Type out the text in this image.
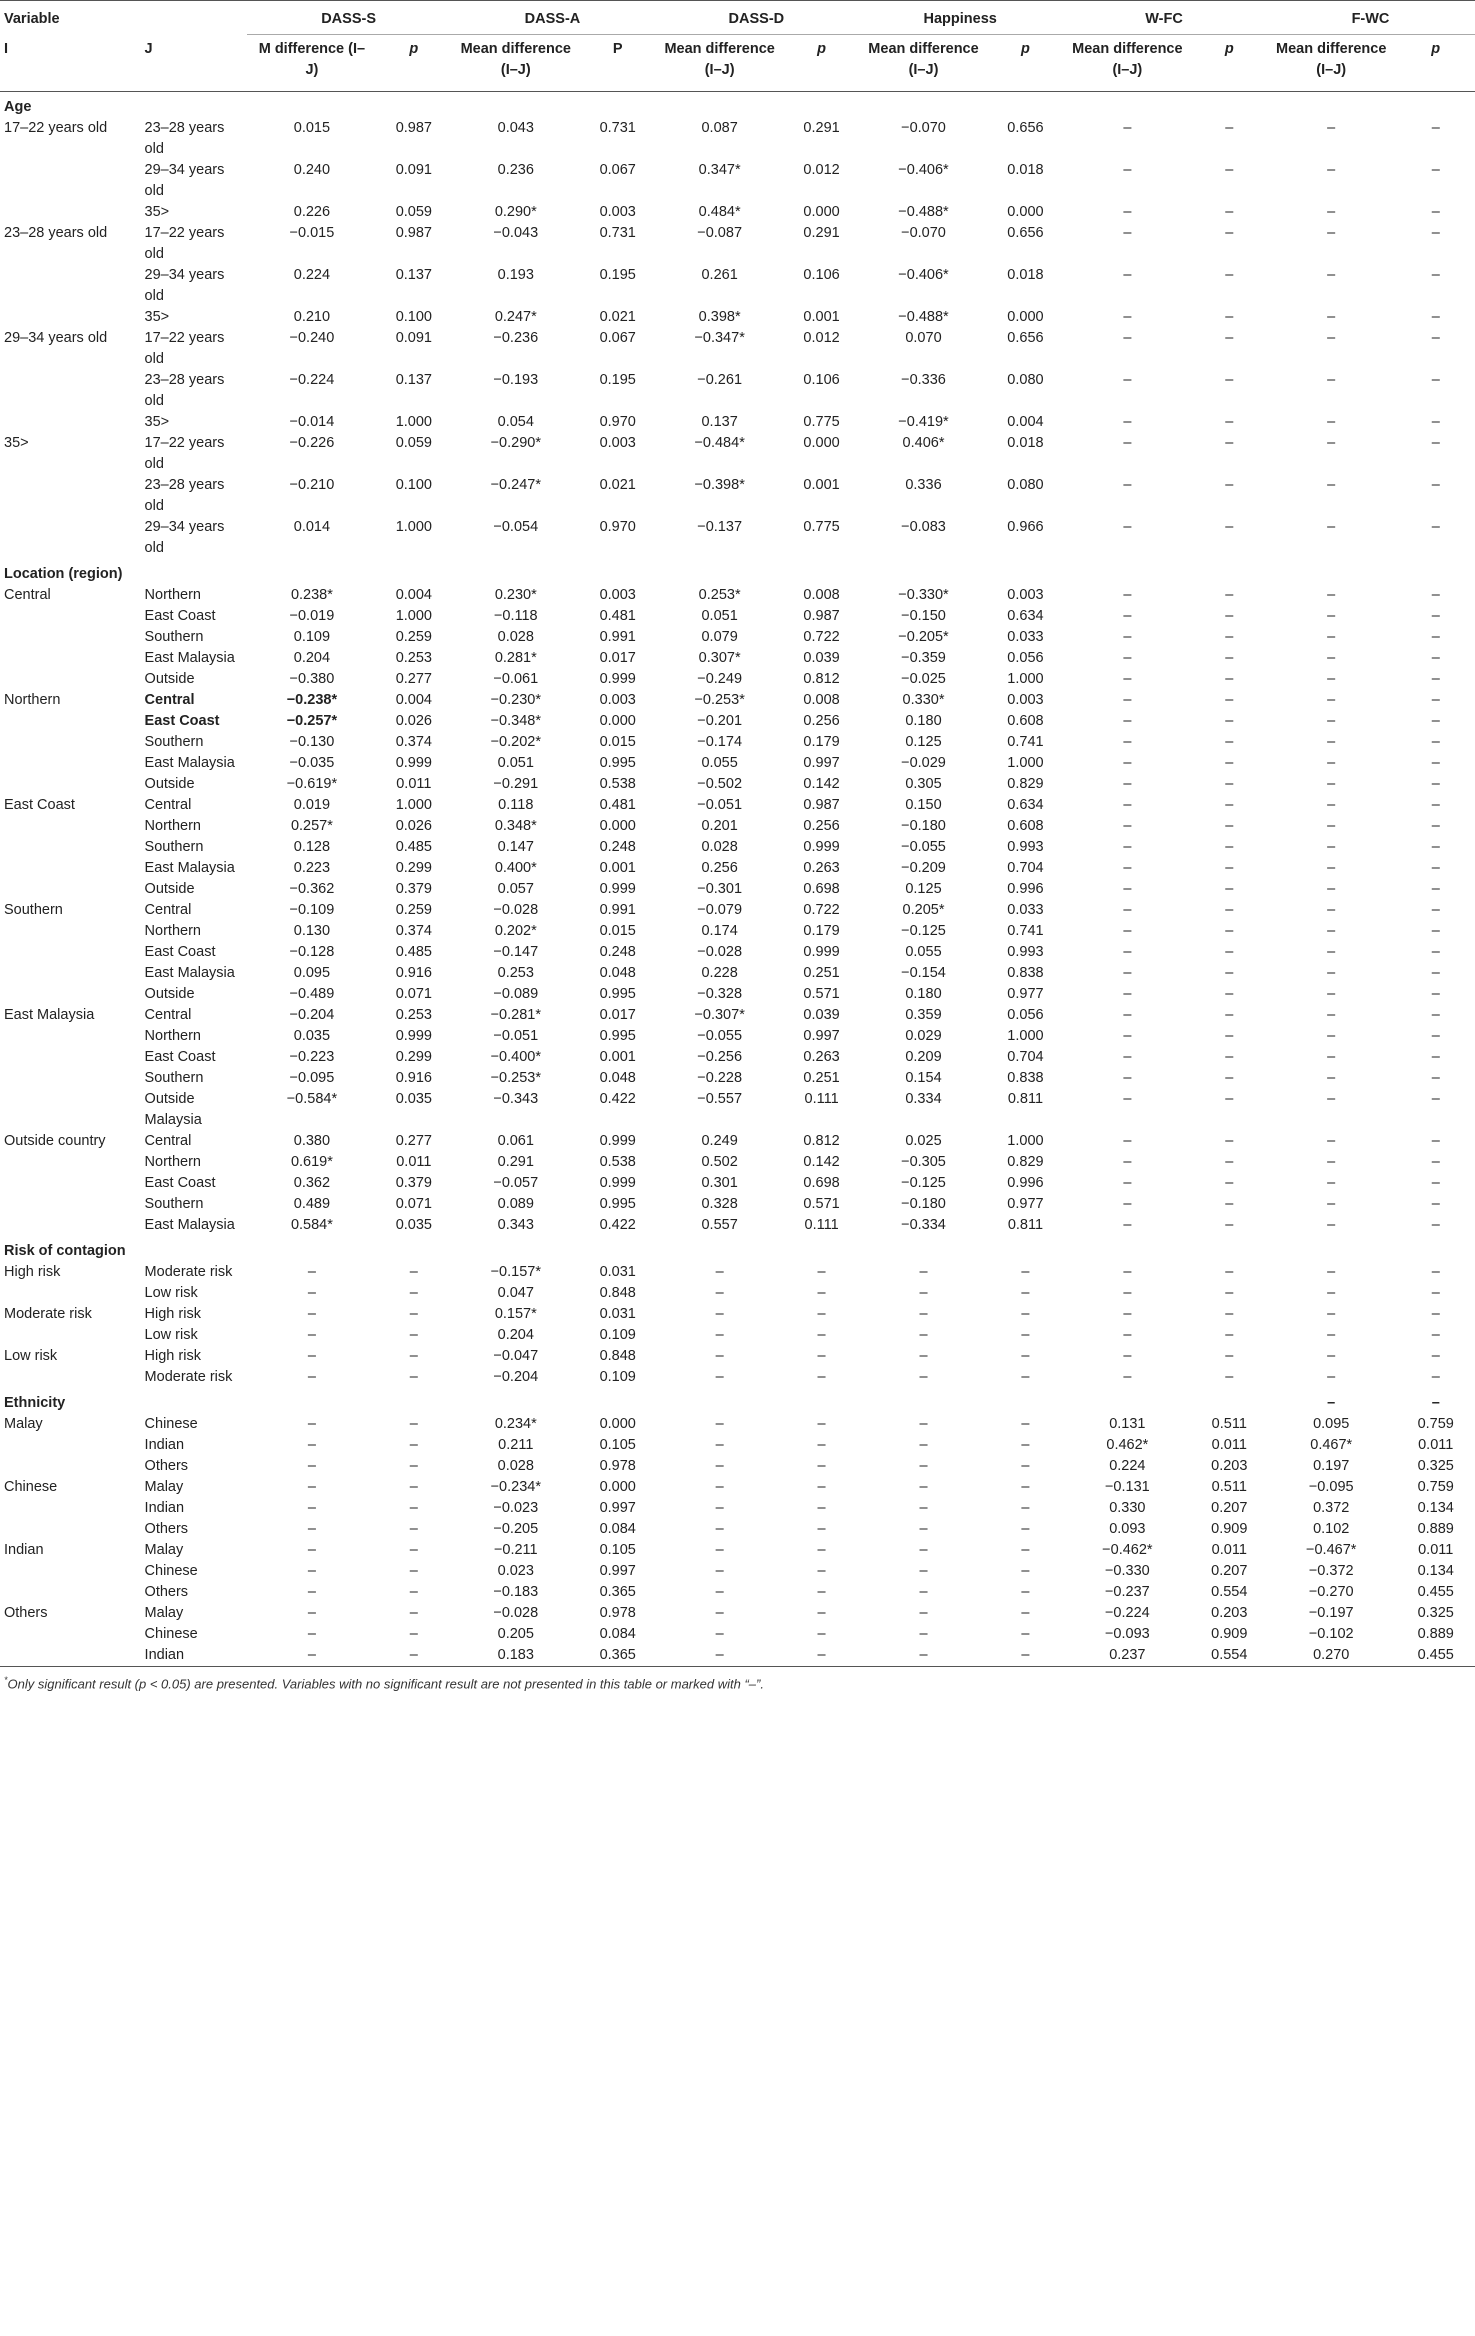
Variable		DASS-S		DASS-A		DASS-D		Happiness		W-FC		F-WC	
I	J	M difference (I–J)	p	Mean difference (I–J)	P	Mean difference (I–J)	p	Mean difference (I–J)	p	Mean difference (I–J)	p	Mean difference (I–J)	p
Age													
17–22 years old	23–28 years old	0.015	0.987	0.043	0.731	0.087	0.291	−0.070	0.656	–	–	–	–
	29–34 years old	0.240	0.091	0.236	0.067	0.347*	0.012	−0.406*	0.018	–	–	–	–
	35>	0.226	0.059	0.290*	0.003	0.484*	0.000	−0.488*	0.000	–	–	–	–
23–28 years old	17–22 years old	−0.015	0.987	−0.043	0.731	−0.087	0.291	−0.070	0.656	–	–	–	–
	29–34 years old	0.224	0.137	0.193	0.195	0.261	0.106	−0.406*	0.018	–	–	–	–
	35>	0.210	0.100	0.247*	0.021	0.398*	0.001	−0.488*	0.000	–	–	–	–
29–34 years old	17–22 years old	−0.240	0.091	−0.236	0.067	−0.347*	0.012	0.070	0.656	–	–	–	–
	23–28 years old	−0.224	0.137	−0.193	0.195	−0.261	0.106	−0.336	0.080	–	–	–	–
	35>	−0.014	1.000	0.054	0.970	0.137	0.775	−0.419*	0.004	–	–	–	–
35>	17–22 years old	−0.226	0.059	−0.290*	0.003	−0.484*	0.000	0.406*	0.018	–	–	–	–
	23–28 years old	−0.210	0.100	−0.247*	0.021	−0.398*	0.001	0.336	0.080	–	–	–	–
	29–34 years old	0.014	1.000	−0.054	0.970	−0.137	0.775	−0.083	0.966	–	–	–	–
Location (region)													
Central	Northern	0.238*	0.004	0.230*	0.003	0.253*	0.008	−0.330*	0.003	–	–	–	–
	East Coast	−0.019	1.000	−0.118	0.481	0.051	0.987	−0.150	0.634	–	–	–	–
	Southern	0.109	0.259	0.028	0.991	0.079	0.722	−0.205*	0.033	–	–	–	–
	East Malaysia	0.204	0.253	0.281*	0.017	0.307*	0.039	−0.359	0.056	–	–	–	–
	Outside	−0.380	0.277	−0.061	0.999	−0.249	0.812	−0.025	1.000	–	–	–	–
Northern	Central	−0.238*	0.004	−0.230*	0.003	−0.253*	0.008	0.330*	0.003	–	–	–	–
	East Coast	−0.257*	0.026	−0.348*	0.000	−0.201	0.256	0.180	0.608	–	–	–	–
	Southern	−0.130	0.374	−0.202*	0.015	−0.174	0.179	0.125	0.741	–	–	–	–
	East Malaysia	−0.035	0.999	0.051	0.995	0.055	0.997	−0.029	1.000	–	–	–	–
	Outside	−0.619*	0.011	−0.291	0.538	−0.502	0.142	0.305	0.829	–	–	–	–
East Coast	Central	0.019	1.000	0.118	0.481	−0.051	0.987	0.150	0.634	–	–	–	–
	Northern	0.257*	0.026	0.348*	0.000	0.201	0.256	−0.180	0.608	–	–	–	–
	Southern	0.128	0.485	0.147	0.248	0.028	0.999	−0.055	0.993	–	–	–	–
	East Malaysia	0.223	0.299	0.400*	0.001	0.256	0.263	−0.209	0.704	–	–	–	–
	Outside	−0.362	0.379	0.057	0.999	−0.301	0.698	0.125	0.996	–	–	–	–
Southern	Central	−0.109	0.259	−0.028	0.991	−0.079	0.722	0.205*	0.033	–	–	–	–
	Northern	0.130	0.374	0.202*	0.015	0.174	0.179	−0.125	0.741	–	–	–	–
	East Coast	−0.128	0.485	−0.147	0.248	−0.028	0.999	0.055	0.993	–	–	–	–
	East Malaysia	0.095	0.916	0.253	0.048	0.228	0.251	−0.154	0.838	–	–	–	–
	Outside	−0.489	0.071	−0.089	0.995	−0.328	0.571	0.180	0.977	–	–	–	–
East Malaysia	Central	−0.204	0.253	−0.281*	0.017	−0.307*	0.039	0.359	0.056	–	–	–	–
	Northern	0.035	0.999	−0.051	0.995	−0.055	0.997	0.029	1.000	–	–	–	–
	East Coast	−0.223	0.299	−0.400*	0.001	−0.256	0.263	0.209	0.704	–	–	–	–
	Southern	−0.095	0.916	−0.253*	0.048	−0.228	0.251	0.154	0.838	–	–	–	–
	Outside Malaysia	−0.584*	0.035	−0.343	0.422	−0.557	0.111	0.334	0.811	–	–	–	–
Outside country	Central	0.380	0.277	0.061	0.999	0.249	0.812	0.025	1.000	–	–	–	–
	Northern	0.619*	0.011	0.291	0.538	0.502	0.142	−0.305	0.829	–	–	–	–
	East Coast	0.362	0.379	−0.057	0.999	0.301	0.698	−0.125	0.996	–	–	–	–
	Southern	0.489	0.071	0.089	0.995	0.328	0.571	−0.180	0.977	–	–	–	–
	East Malaysia	0.584*	0.035	0.343	0.422	0.557	0.111	−0.334	0.811	–	–	–	–
Risk of contagion													
High risk	Moderate risk	–	–	−0.157*	0.031	–	–	–	–	–	–	–	–
	Low risk	–	–	0.047	0.848	–	–	–	–	–	–	–	–
Moderate risk	High risk	–	–	0.157*	0.031	–	–	–	–	–	–	–	–
	Low risk	–	–	0.204	0.109	–	–	–	–	–	–	–	–
Low risk	High risk	–	–	−0.047	0.848	–	–	–	–	–	–	–	–
	Moderate risk	–	–	−0.204	0.109	–	–	–	–	–	–	–	–
Ethnicity												–	–
Malay	Chinese	–	–	0.234*	0.000	–	–	–	–	0.131	0.511	0.095	0.759
	Indian	–	–	0.211	0.105	–	–	–	–	0.462*	0.011	0.467*	0.011
	Others	–	–	0.028	0.978	–	–	–	–	0.224	0.203	0.197	0.325
Chinese	Malay	–	–	−0.234*	0.000	–	–	–	–	−0.131	0.511	−0.095	0.759
	Indian	–	–	−0.023	0.997	–	–	–	–	0.330	0.207	0.372	0.134
	Others	–	–	−0.205	0.084	–	–	–	–	0.093	0.909	0.102	0.889
Indian	Malay	–	–	−0.211	0.105	–	–	–	–	−0.462*	0.011	−0.467*	0.011
	Chinese	–	–	0.023	0.997	–	–	–	–	−0.330	0.207	−0.372	0.134
	Others	–	–	−0.183	0.365	–	–	–	–	−0.237	0.554	−0.270	0.455
Others	Malay	–	–	−0.028	0.978	–	–	–	–	−0.224	0.203	−0.197	0.325
	Chinese	–	–	0.205	0.084	–	–	–	–	−0.093	0.909	−0.102	0.889
	Indian	–	–	0.183	0.365	–	–	–	–	0.237	0.554	0.270	0.455
*Only significant result (p < 0.05) are presented. Variables with no significant result are not presented in this table or marked with “–”.
